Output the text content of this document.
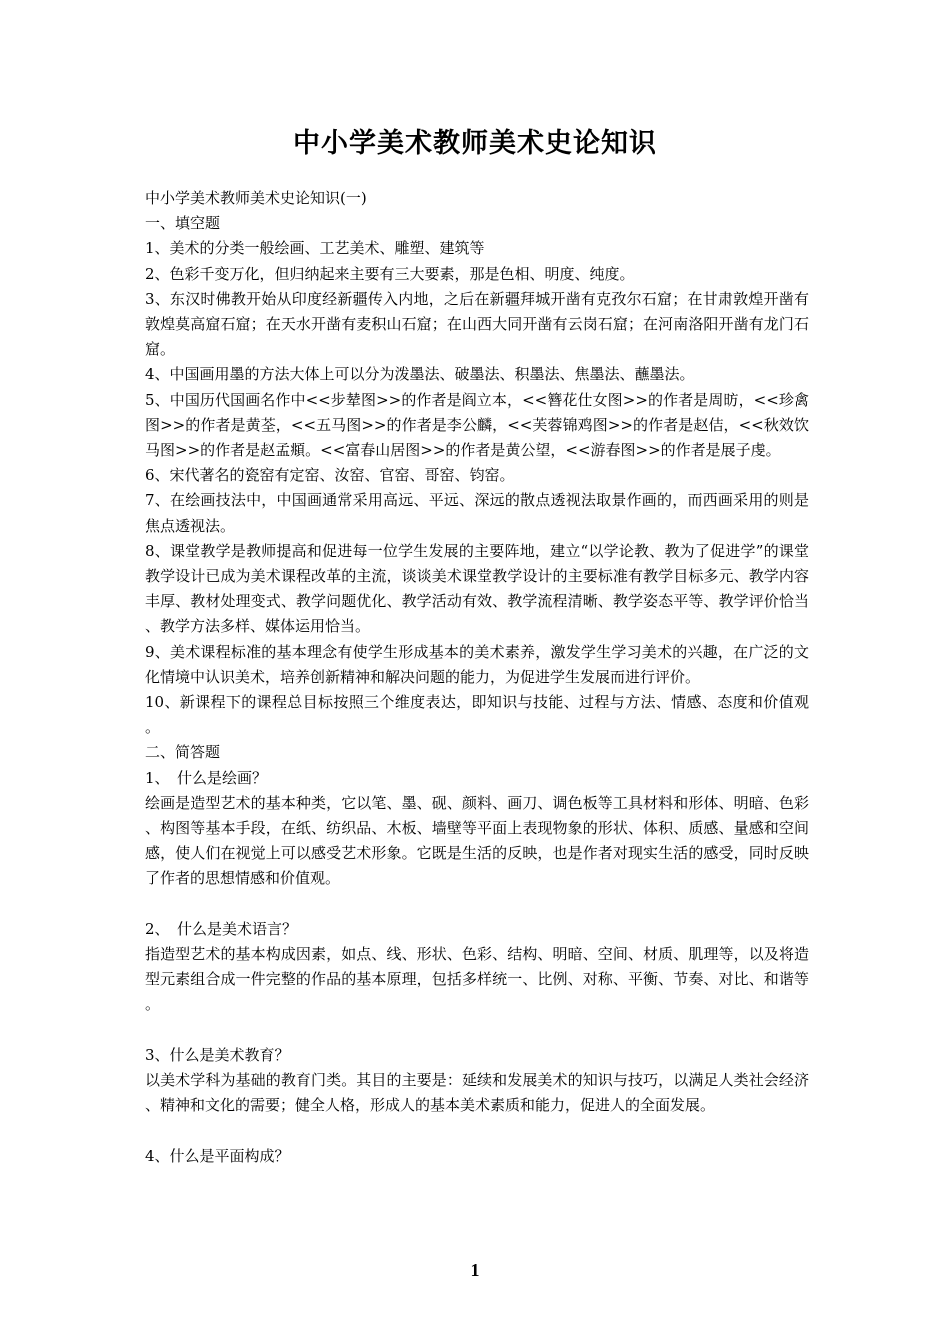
中小学美术教师美术史论知识

中小学美术教师美术史论知识(一)

一、填空题

1、美术的分类一般绘画、工艺美术、雕塑、建筑等

2、色彩千变万化，但归纳起来主要有三大要素，那是色相、明度、纯度。

3、东汉时佛教开始从印度经新疆传入内地，之后在新疆拜城开凿有克孜尔石窟；在甘肃敦煌开凿有敦煌莫高窟石窟；在天水开凿有麦积山石窟；在山西大同开凿有云岗石窟；在河南洛阳开凿有龙门石窟。

4、中国画用墨的方法大体上可以分为泼墨法、破墨法、积墨法、焦墨法、蘸墨法。

5、中国历代国画名作中<<步辇图>>的作者是阎立本，<<簪花仕女图>>的作者是周昉，<<珍禽图>>的作者是黄荃，<<五马图>>的作者是李公麟，<<芙蓉锦鸡图>>的作者是赵佶，<<秋效饮马图>>的作者是赵孟頫。<<富春山居图>>的作者是黄公望，<<游春图>>的作者是展子虔。

6、宋代著名的瓷窑有定窑、汝窑、官窑、哥窑、钧窑。

7、在绘画技法中，中国画通常采用高远、平远、深远的散点透视法取景作画的，而西画采用的则是焦点透视法。

8、课堂教学是教师提高和促进每一位学生发展的主要阵地，建立“以学论教、教为了促进学”的课堂教学设计已成为美术课程改革的主流，谈谈美术课堂教学设计的主要标准有教学目标多元、教学内容丰厚、教材处理变式、教学问题优化、教学活动有效、教学流程清晰、教学姿态平等、教学评价恰当、教学方法多样、媒体运用恰当。

9、美术课程标准的基本理念有使学生形成基本的美术素养，激发学生学习美术的兴趣，在广泛的文化情境中认识美术，培养创新精神和解决问题的能力，为促进学生发展而进行评价。

10、新课程下的课程总目标按照三个维度表达，即知识与技能、过程与方法、情感、态度和价值观。

二、简答题

1、　什么是绘画？

绘画是造型艺术的基本种类，它以笔、墨、砚、颜料、画刀、调色板等工具材料和形体、明暗、色彩、构图等基本手段，在纸、纺织品、木板、墙壁等平面上表现物象的形状、体积、质感、量感和空间感，使人们在视觉上可以感受艺术形象。它既是生活的反映，也是作者对现实生活的感受，同时反映了作者的思想情感和价值观。

2、　什么是美术语言？

指造型艺术的基本构成因素，如点、线、形状、色彩、结构、明暗、空间、材质、肌理等，以及将造型元素组合成一件完整的作品的基本原理，包括多样统一、比例、对称、平衡、节奏、对比、和谐等。

3、什么是美术教育？

以美术学科为基础的教育门类。其目的主要是：延续和发展美术的知识与技巧，以满足人类社会经济、精神和文化的需要；健全人格，形成人的基本美术素质和能力，促进人的全面发展。

4、什么是平面构成？

1
